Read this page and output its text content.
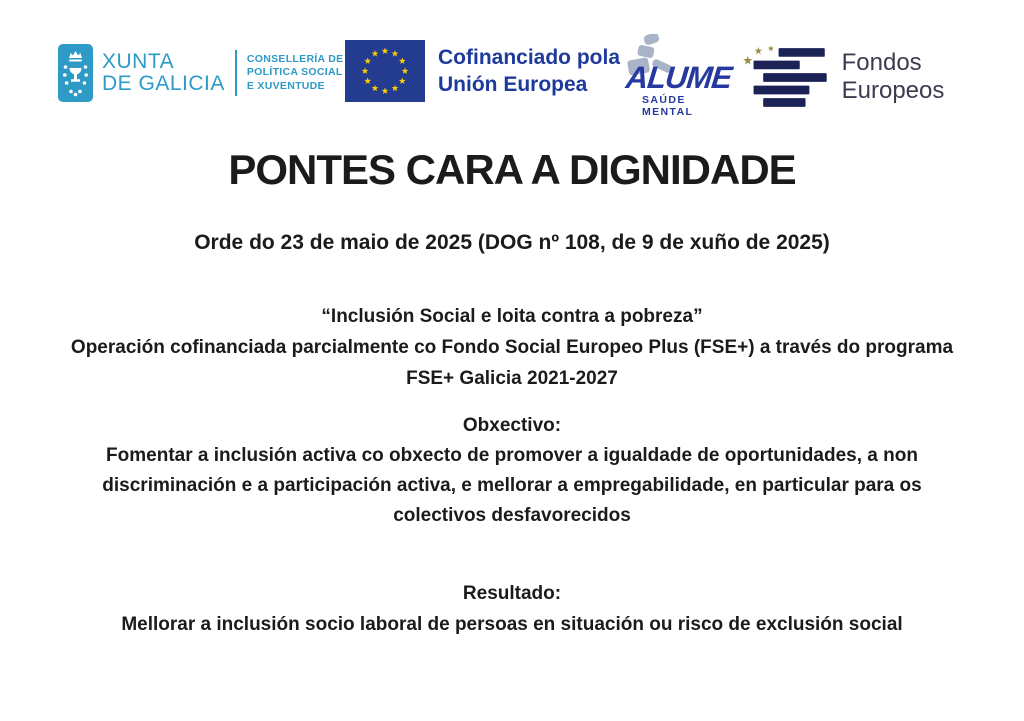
XUNTA
DE GALICIA
CONSELLERÍA DE
POLÍTICA SOCIAL
E XUVENTUDE
Cofinanciado pola
Unión Europea	ALUME
SAÚDE MENTAL
Fondos Europeos
PONTES CARA A DIGNIDADE
Orde do 23 de maio de 2025 (DOG nº 108, de 9 de xuño de 2025)
“Inclusión Social e loita contra a pobreza”
Operación cofinanciada parcialmente co Fondo Social Europeo Plus (FSE+) a través do programa
FSE+ Galicia 2021-2027
Obxectivo:
Fomentar a inclusión activa co obxecto de promover a igualdade de oportunidades, a non
discriminación e a participación activa, e mellorar a empregabilidade, en particular para os
colectivos desfavorecidos
Resultado:
Mellorar a inclusión socio laboral de persoas en situación ou risco de exclusión social
